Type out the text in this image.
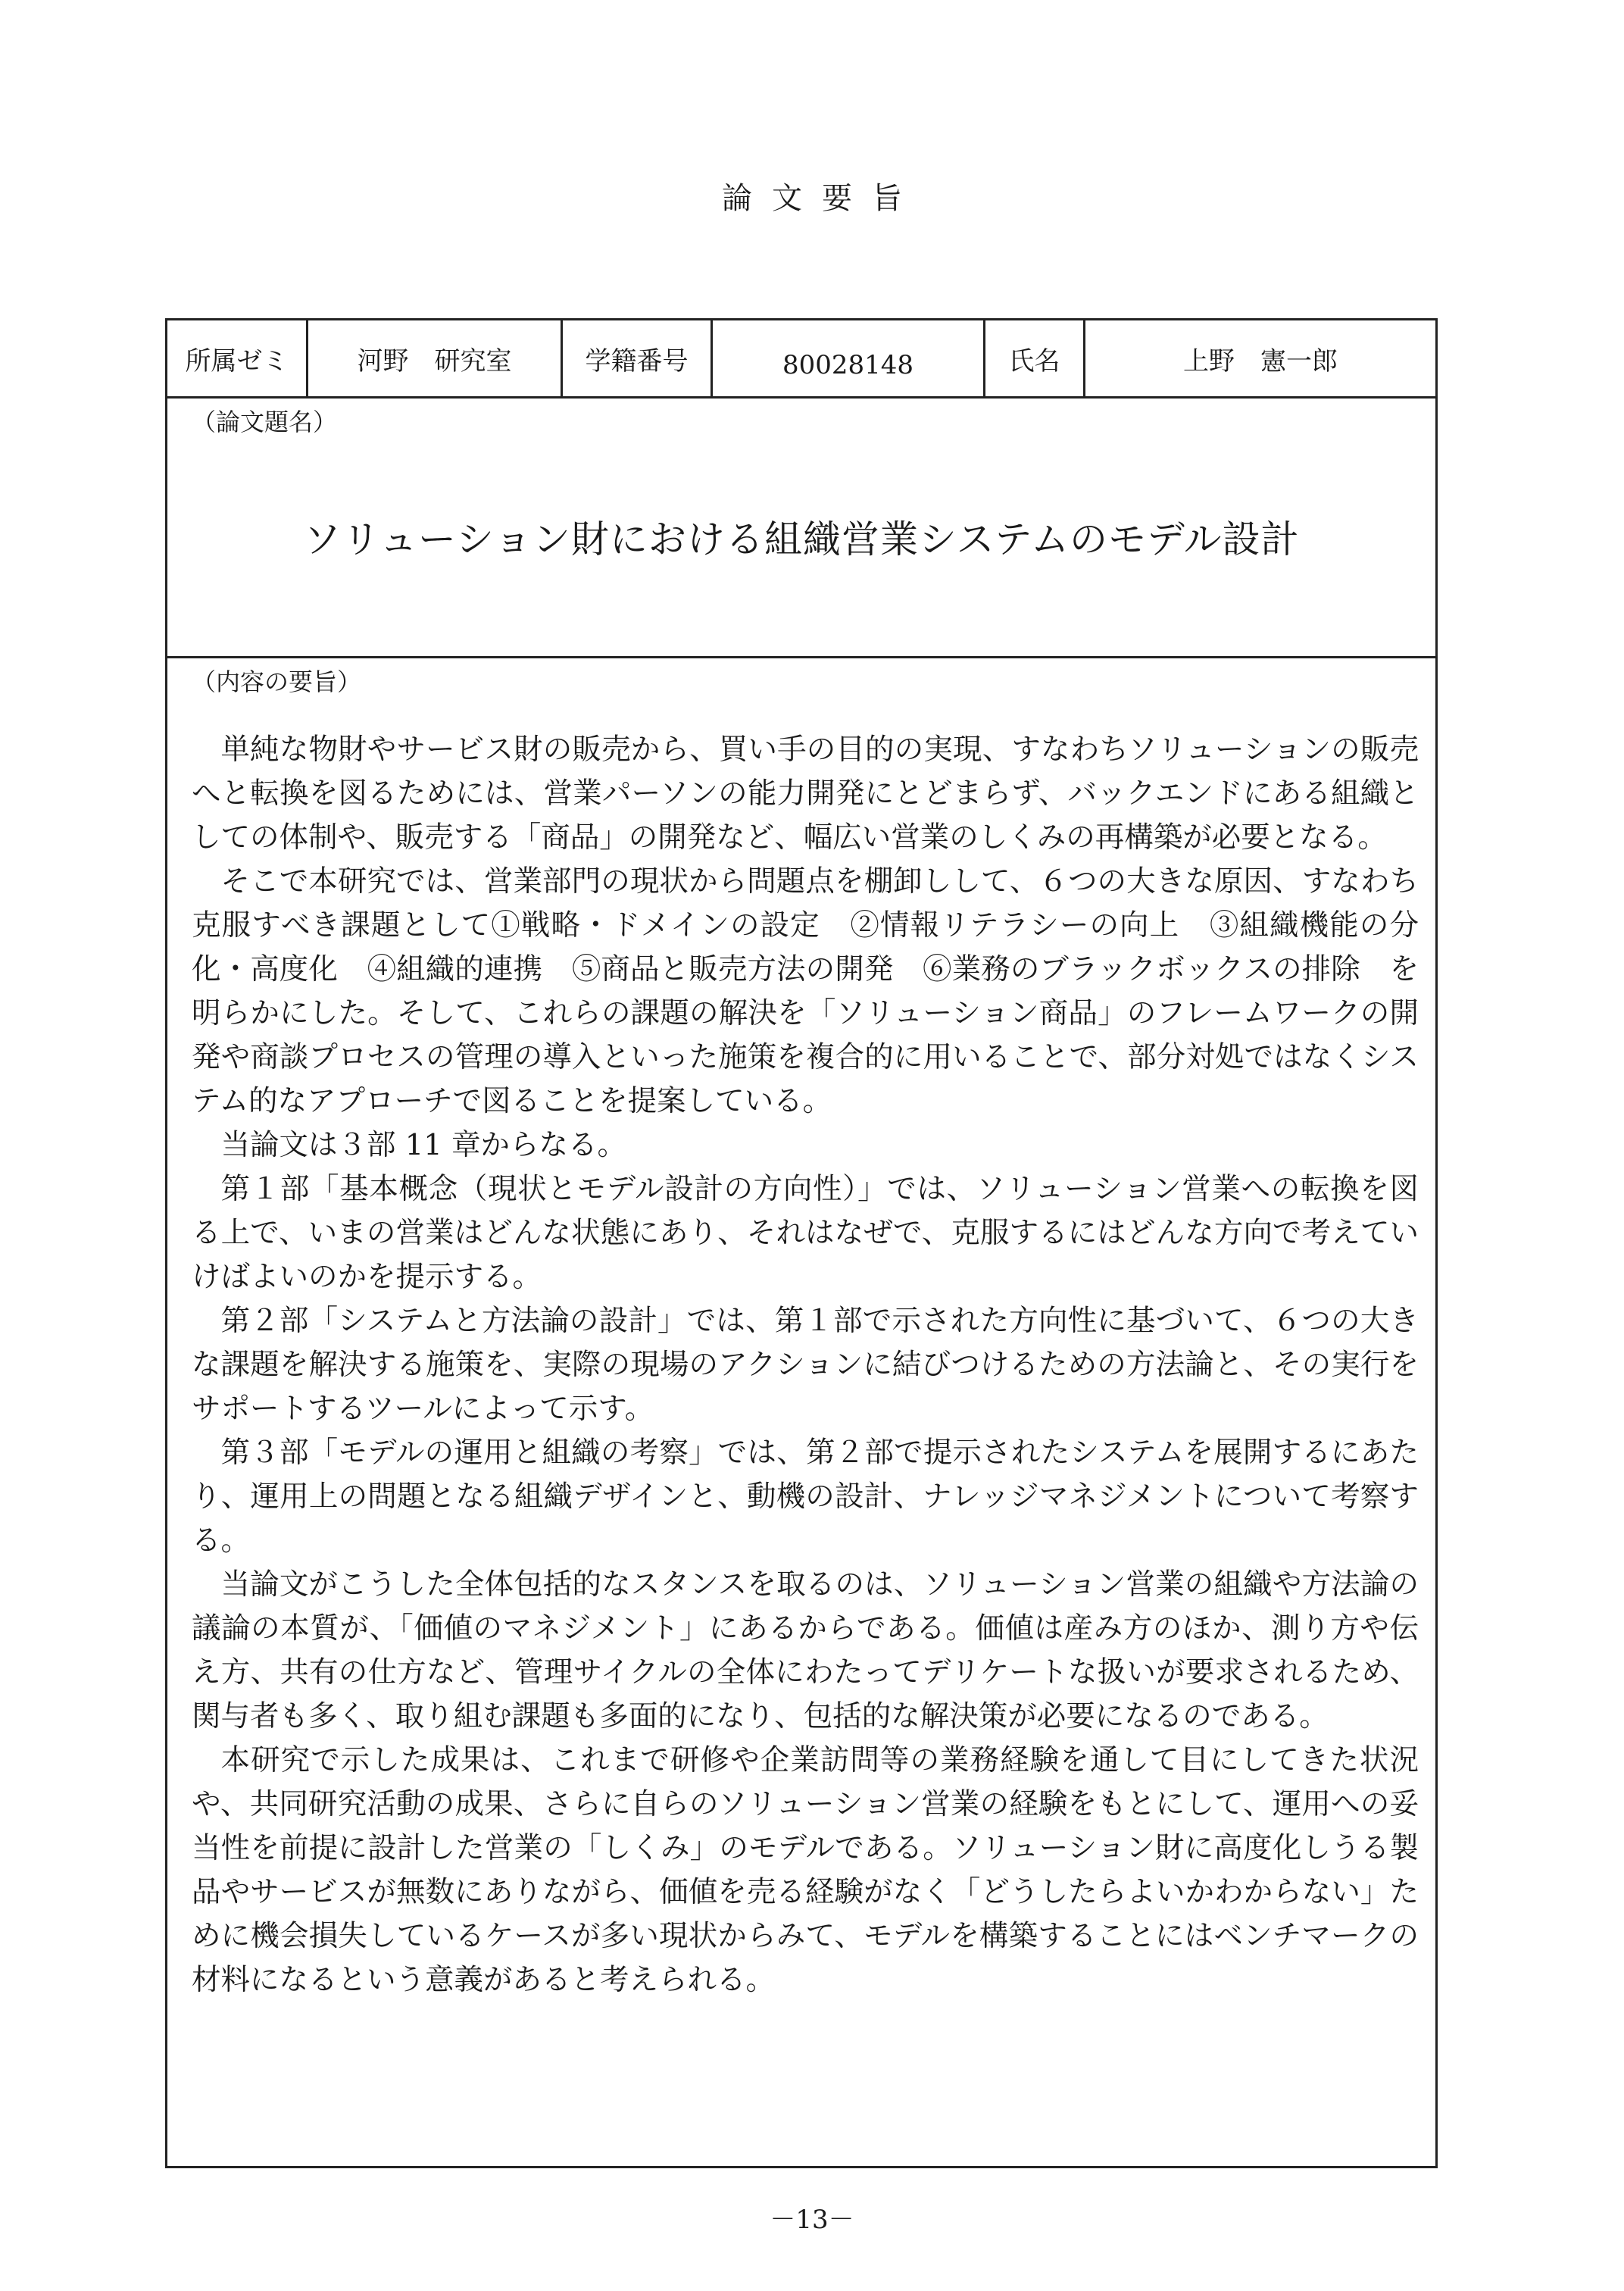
論文要旨
所属ゼミ	河野　研究室	学籍番号	80028148	氏名	上野　憲一郎
（論文題名）
ソリューション財における組織営業システムのモデル設計
（内容の要旨）

単純な物財やサービス財の販売から、買い手の目的の実現、すなわちソリューションの販売へと転換を図るためには、営業パーソンの能力開発にとどまらず、バックエンドにある組織としての体制や、販売する「商品」の開発など、幅広い営業のしくみの再構築が必要となる。

そこで本研究では、営業部門の現状から問題点を棚卸しして、６つの大きな原因、すなわち克服すべき課題として①戦略・ドメインの設定　②情報リテラシーの向上　③組織機能の分化・高度化　④組織的連携　⑤商品と販売方法の開発　⑥業務のブラックボックスの排除　を明らかにした。そして、これらの課題の解決を「ソリューション商品」のフレームワークの開発や商談プロセスの管理の導入といった施策を複合的に用いることで、部分対処ではなくシステム的なアプローチで図ることを提案している。

当論文は３部 11 章からなる。

第１部「基本概念（現状とモデル設計の方向性）」では、ソリューション営業への転換を図る上で、いまの営業はどんな状態にあり、それはなぜで、克服するにはどんな方向で考えていけばよいのかを提示する。

第２部「システムと方法論の設計」では、第１部で示された方向性に基づいて、６つの大きな課題を解決する施策を、実際の現場のアクションに結びつけるための方法論と、その実行をサポートするツールによって示す。

第３部「モデルの運用と組織の考察」では、第２部で提示されたシステムを展開するにあたり、運用上の問題となる組織デザインと、動機の設計、ナレッジマネジメントについて考察する。

当論文がこうした全体包括的なスタンスを取るのは、ソリューション営業の組織や方法論の議論の本質が、「価値のマネジメント」にあるからである。価値は産み方のほか、測り方や伝え方、共有の仕方など、管理サイクルの全体にわたってデリケートな扱いが要求されるため、関与者も多く、取り組む課題も多面的になり、包括的な解決策が必要になるのである。

本研究で示した成果は、これまで研修や企業訪問等の業務経験を通して目にしてきた状況や、共同研究活動の成果、さらに自らのソリューション営業の経験をもとにして、運用への妥当性を前提に設計した営業の「しくみ」のモデルである。ソリューション財に高度化しうる製品やサービスが無数にありながら、価値を売る経験がなく「どうしたらよいかわからない」ために機会損失しているケースが多い現状からみて、モデルを構築することにはベンチマークの材料になるという意義があると考えられる。

－13－
